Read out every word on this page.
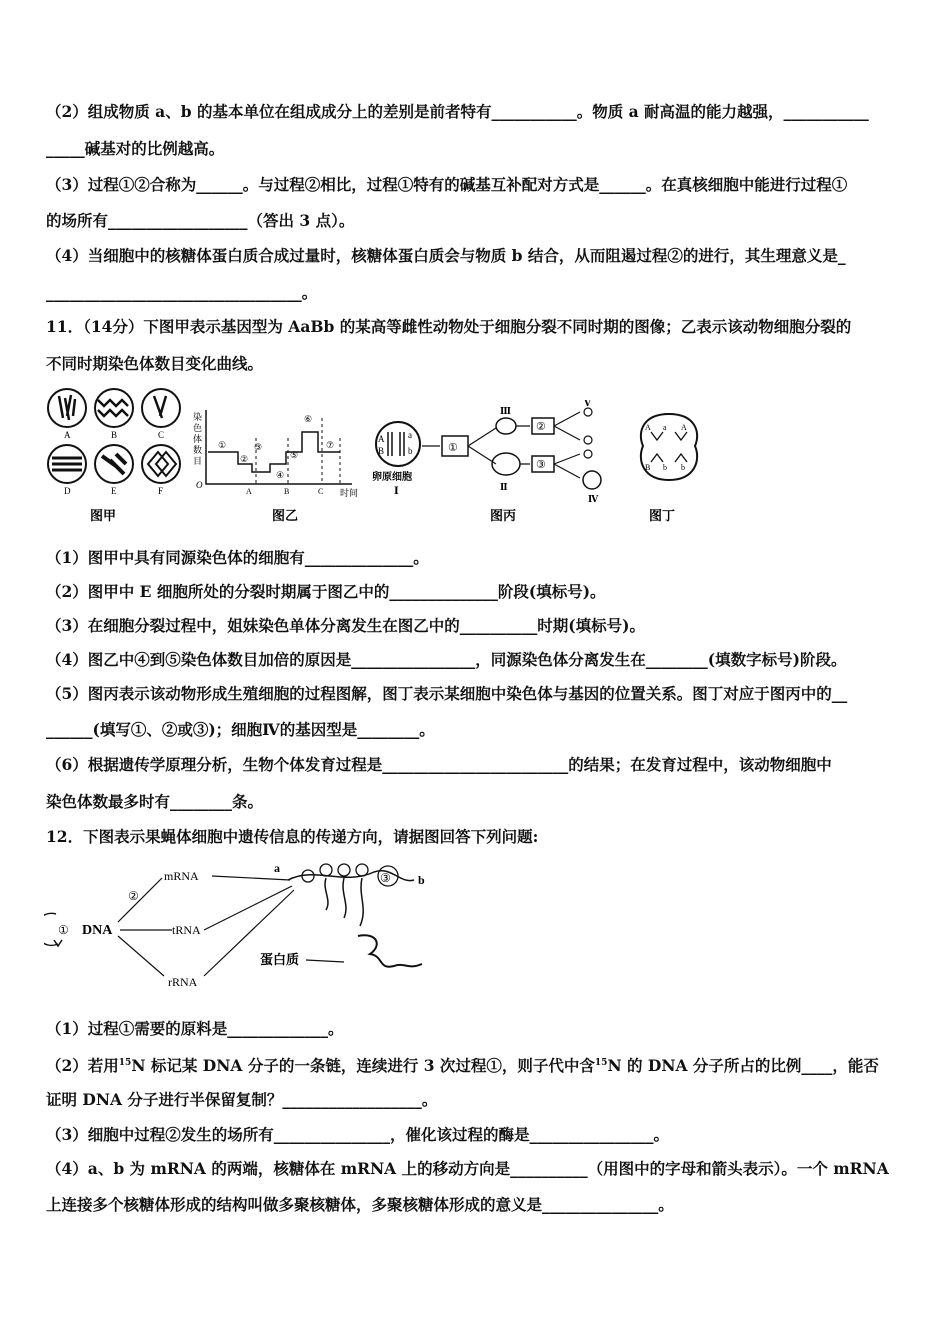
（2）组成物质 a、b 的基本单位在组成成分上的差别是前者特有___________。物质 a 耐高温的能力越强，___________
_____碱基对的比例越高。
（3）过程①②合称为______。与过程②相比，过程①特有的碱基互补配对方式是______。在真核细胞中能进行过程①
的场所有__________________（答出 3 点）。
（4）当细胞中的核糖体蛋白质合成过量时，核糖体蛋白质会与物质 b 结合，从而阻遏过程②的进行，其生理意义是_
_________________________________。
11．（14分）下图甲表示基因型为 AaBb 的某高等雌性动物处于细胞分裂不同时期的图像；乙表示该动物细胞分裂的
不同时期染色体数目变化曲线。
A	B	C
D	E	F
图甲
染
色
体
数
目
O
①
②
③
④
⑤
⑥
⑦
A	B	C 时间
图乙
A	a
B	b
卵原细胞
Ⅰ
①
Ⅲ
Ⅱ
②
③
Ⅴ
Ⅳ
图丙
A a A
B b b
图丁
（1）图甲中具有同源染色体的细胞有______________。
（2）图甲中 E 细胞所处的分裂时期属于图乙中的______________阶段(填标号)。
（3）在细胞分裂过程中，姐妹染色单体分离发生在图乙中的__________时期(填标号)。
（4）图乙中④到⑤染色体数目加倍的原因是________________，同源染色体分离发生在________(填数字标号)阶段。
（5）图丙表示该动物形成生殖细胞的过程图解，图丁表示某细胞中染色体与基因的位置关系。图丁对应于图丙中的__
______(填写①、②或③)；细胞Ⅳ的基因型是________。
（6）根据遗传学原理分析，生物个体发育过程是________________________的结果；在发育过程中，该动物细胞中
染色体数最多时有________条。
12．下图表示果蝇体细胞中遗传信息的传递方向，请据图回答下列问题:
① DNA
②
mRNA
tRNA
rRNA
a
③ b
蛋白质
（1）过程①需要的原料是_____________。
（2）若用$^{15}$N 标记某 DNA 分子的一条链，连续进行 3 次过程①，则子代中含$^{15}$N 的 DNA 分子所占的比例____，能否
证明 DNA 分子进行半保留复制？__________________。
（3）细胞中过程②发生的场所有_______________，催化该过程的酶是________________。
（4）a、b 为 mRNA 的两端，核糖体在 mRNA 上的移动方向是__________（用图中的字母和箭头表示）。一个 mRNA
上连接多个核糖体形成的结构叫做多聚核糖体，多聚核糖体形成的意义是_______________。
